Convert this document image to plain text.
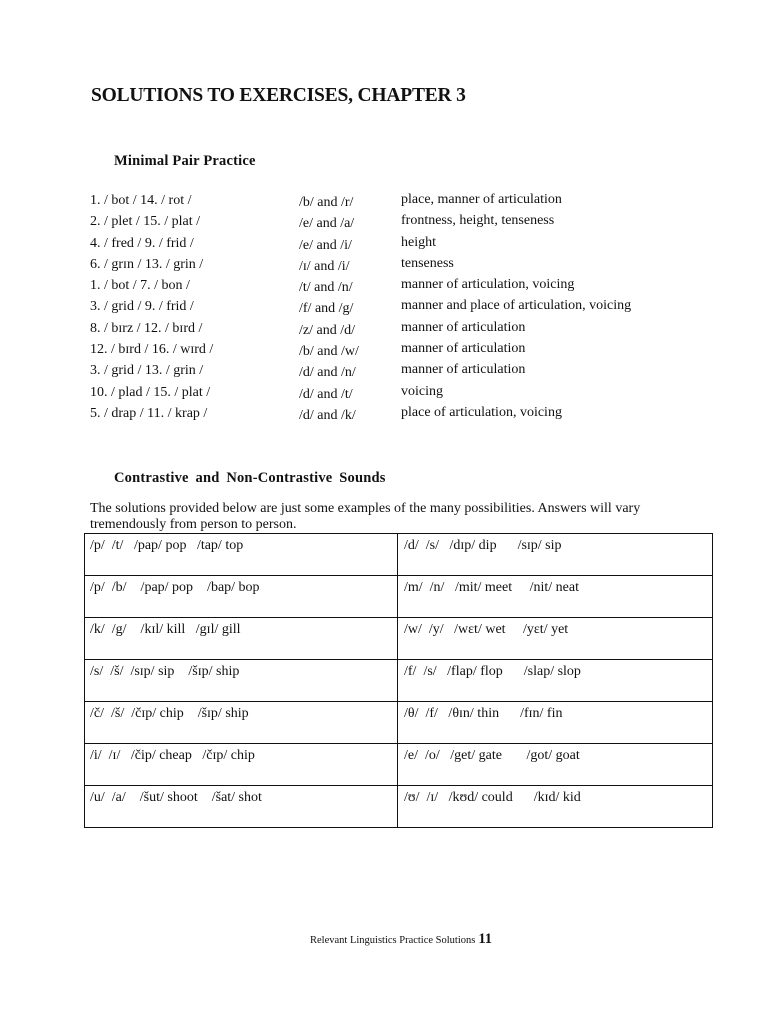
SOLUTIONS TO EXERCISES, CHAPTER 3
Minimal Pair Practice
1. / bot / 14. / rot /	/b/ and /r/	place, manner of articulation
2. / plet / 15. / plat /	/e/ and /a/	frontness, height, tenseness
4. / fred / 9. / frid /	/e/ and /i/	height
6. / grɪn / 13. / grin /	/ɪ/ and /i/	tenseness
1. / bot / 7. / bon /	/t/ and /n/	manner of articulation, voicing
3. / grid / 9. / frid /	/f/ and /g/	manner and place of articulation, voicing
8. / bɪrz / 12. / bɪrd /	/z/ and /d/	manner of articulation
12. / bɪrd / 16. / wɪrd /	/b/ and /w/	manner of articulation
3. / grid / 13. / grin /	/d/ and /n/	manner of articulation
10. / plad / 15. / plat /	/d/ and /t/	voicing
5. / drap / 11. / krap /	/d/ and /k/	place of articulation, voicing
Contrastive and Non-Contrastive Sounds
The solutions provided below are just some examples of the many possibilities. Answers will vary tremendously from person to person.
/p/  /t/   /pap/ pop   /tap/ top	/d/  /s/   /dɪp/ dip      /sɪp/ sip
/p/  /b/    /pap/ pop    /bap/ bop	/m/  /n/   /mit/ meet     /nit/ neat
/k/  /g/    /kɪl/ kill   /gɪl/ gill	/w/  /y/   /wɛt/ wet     /yɛt/ yet
/s/  /š/  /sɪp/ sip    /šɪp/ ship	/f/  /s/   /flap/ flop      /slap/ slop
/č/  /š/  /čɪp/ chip    /šɪp/ ship	/θ/  /f/   /θɪn/ thin      /fɪn/ fin
/i/  /ɪ/   /čip/ cheap   /čɪp/ chip	/e/  /o/   /get/ gate       /got/ goat
/u/  /a/    /šut/ shoot    /šat/ shot	/ʊ/  /ɪ/   /kʊd/ could      /kɪd/ kid
Relevant Linguistics Practice Solutions 11
